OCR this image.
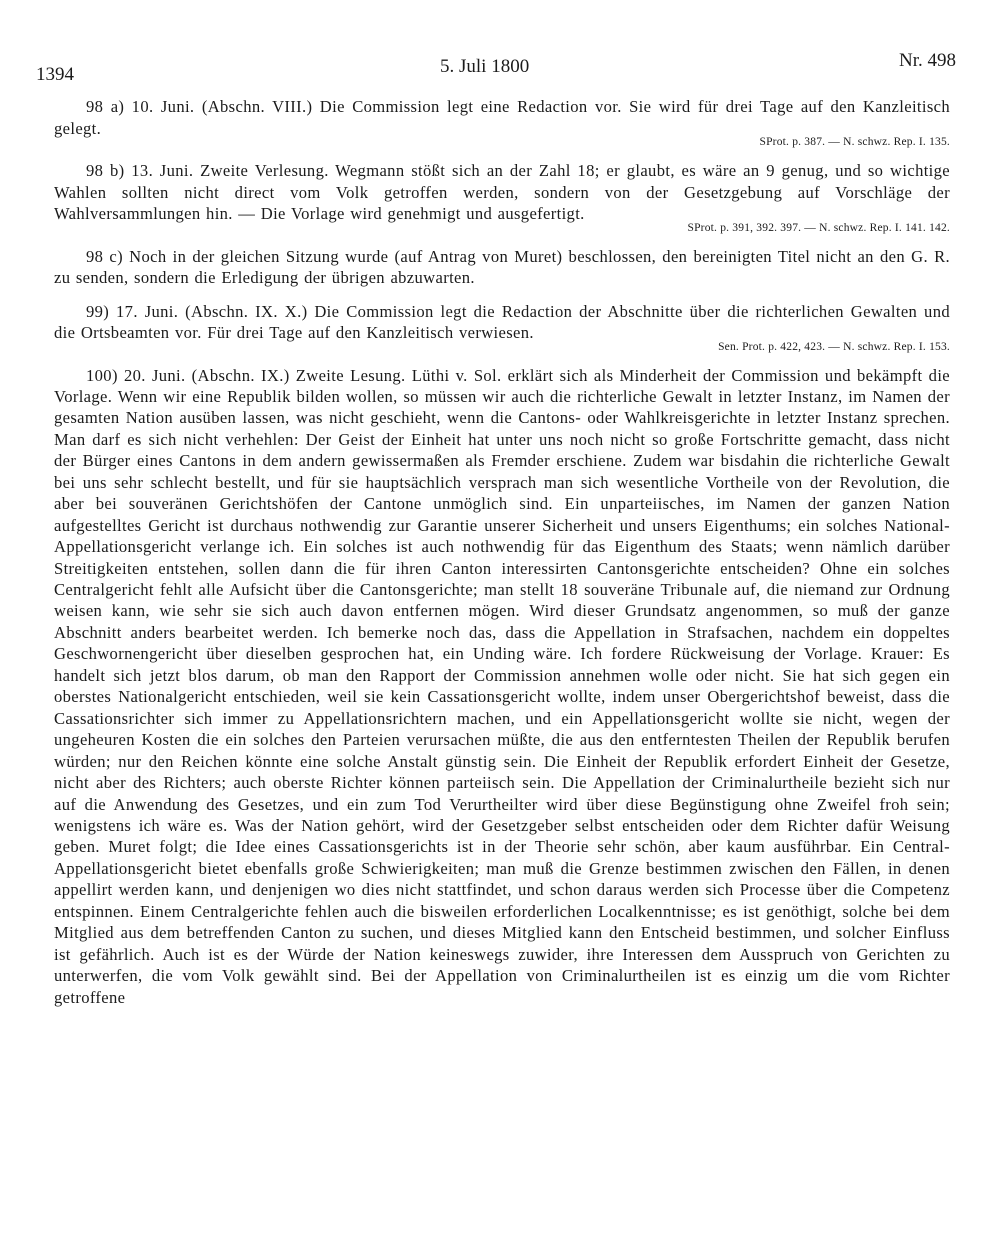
1394	5. Juli 1800	Nr. 498

98 a) 10. Juni. (Abschn. VIII.) Die Commission legt eine Redaction vor. Sie wird für drei Tage auf den Kanzleitisch gelegt.

SProt. p. 387. — N. schwz. Rep. I. 135.

98 b) 13. Juni. Zweite Verlesung. Wegmann stößt sich an der Zahl 18; er glaubt, es wäre an 9 genug, und so wichtige Wahlen sollten nicht direct vom Volk getroffen werden, sondern von der Gesetzgebung auf Vorschläge der Wahlversammlungen hin. — Die Vorlage wird genehmigt und ausgefertigt.

SProt. p. 391, 392. 397. — N. schwz. Rep. I. 141. 142.

98 c) Noch in der gleichen Sitzung wurde (auf Antrag von Muret) beschlossen, den bereinigten Titel nicht an den G. R. zu senden, sondern die Erledigung der übrigen abzuwarten.

99) 17. Juni. (Abschn. IX. X.) Die Commission legt die Redaction der Abschnitte über die richterlichen Gewalten und die Ortsbeamten vor. Für drei Tage auf den Kanzleitisch verwiesen.

Sen. Prot. p. 422, 423. — N. schwz. Rep. I. 153.

100) 20. Juni. (Abschn. IX.) Zweite Lesung. Lüthi v. Sol. erklärt sich als Minderheit der Commission und bekämpft die Vorlage. Wenn wir eine Republik bilden wollen, so müssen wir auch die richterliche Gewalt in letzter Instanz, im Namen der gesamten Nation ausüben lassen, was nicht geschieht, wenn die Cantons- oder Wahlkreisgerichte in letzter Instanz sprechen. Man darf es sich nicht verhehlen: Der Geist der Einheit hat unter uns noch nicht so große Fortschritte gemacht, dass nicht der Bürger eines Cantons in dem andern gewissermaßen als Fremder erschiene. Zudem war bisdahin die richterliche Gewalt bei uns sehr schlecht bestellt, und für sie hauptsächlich versprach man sich wesentliche Vortheile von der Revolution, die aber bei souveränen Gerichtshöfen der Cantone unmöglich sind. Ein unparteiisches, im Namen der ganzen Nation aufgestelltes Gericht ist durchaus nothwendig zur Garantie unserer Sicherheit und unsers Eigenthums; ein solches National-Appellationsgericht verlange ich. Ein solches ist auch nothwendig für das Eigenthum des Staats; wenn nämlich darüber Streitigkeiten entstehen, sollen dann die für ihren Canton interessirten Cantonsgerichte entscheiden? Ohne ein solches Centralgericht fehlt alle Aufsicht über die Cantonsgerichte; man stellt 18 souveräne Tribunale auf, die niemand zur Ordnung weisen kann, wie sehr sie sich auch davon entfernen mögen. Wird dieser Grundsatz angenommen, so muß der ganze Abschnitt anders bearbeitet werden. Ich bemerke noch das, dass die Appellation in Strafsachen, nachdem ein doppeltes Geschwornengericht über dieselben gesprochen hat, ein Unding wäre. Ich fordere Rückweisung der Vorlage. Krauer: Es handelt sich jetzt blos darum, ob man den Rapport der Commission annehmen wolle oder nicht. Sie hat sich gegen ein oberstes Nationalgericht entschieden, weil sie kein Cassationsgericht wollte, indem unser Obergerichtshof beweist, dass die Cassationsrichter sich immer zu Appellationsrichtern machen, und ein Appellationsgericht wollte sie nicht, wegen der ungeheuren Kosten die ein solches den Parteien verursachen müßte, die aus den entferntesten Theilen der Republik berufen würden; nur den Reichen könnte eine solche Anstalt günstig sein. Die Einheit der Republik erfordert Einheit der Gesetze, nicht aber des Richters; auch oberste Richter können parteiisch sein. Die Appellation der Criminalurtheile bezieht sich nur auf die Anwendung des Gesetzes, und ein zum Tod Verurtheilter wird über diese Begünstigung ohne Zweifel froh sein; wenigstens ich wäre es. Was der Nation gehört, wird der Gesetzgeber selbst entscheiden oder dem Richter dafür Weisung geben. Muret folgt; die Idee eines Cassationsgerichts ist in der Theorie sehr schön, aber kaum ausführbar. Ein Central-Appellationsgericht bietet ebenfalls große Schwierigkeiten; man muß die Grenze bestimmen zwischen den Fällen, in denen appellirt werden kann, und denjenigen wo dies nicht stattfindet, und schon daraus werden sich Processe über die Competenz entspinnen. Einem Centralgerichte fehlen auch die bisweilen erforderlichen Localkenntnisse; es ist genöthigt, solche bei dem Mitglied aus dem betreffenden Canton zu suchen, und dieses Mitglied kann den Entscheid bestimmen, und solcher Einfluss ist gefährlich. Auch ist es der Würde der Nation keineswegs zuwider, ihre Interessen dem Ausspruch von Gerichten zu unterwerfen, die vom Volk gewählt sind. Bei der Appellation von Criminalurtheilen ist es einzig um die vom Richter getroffene
